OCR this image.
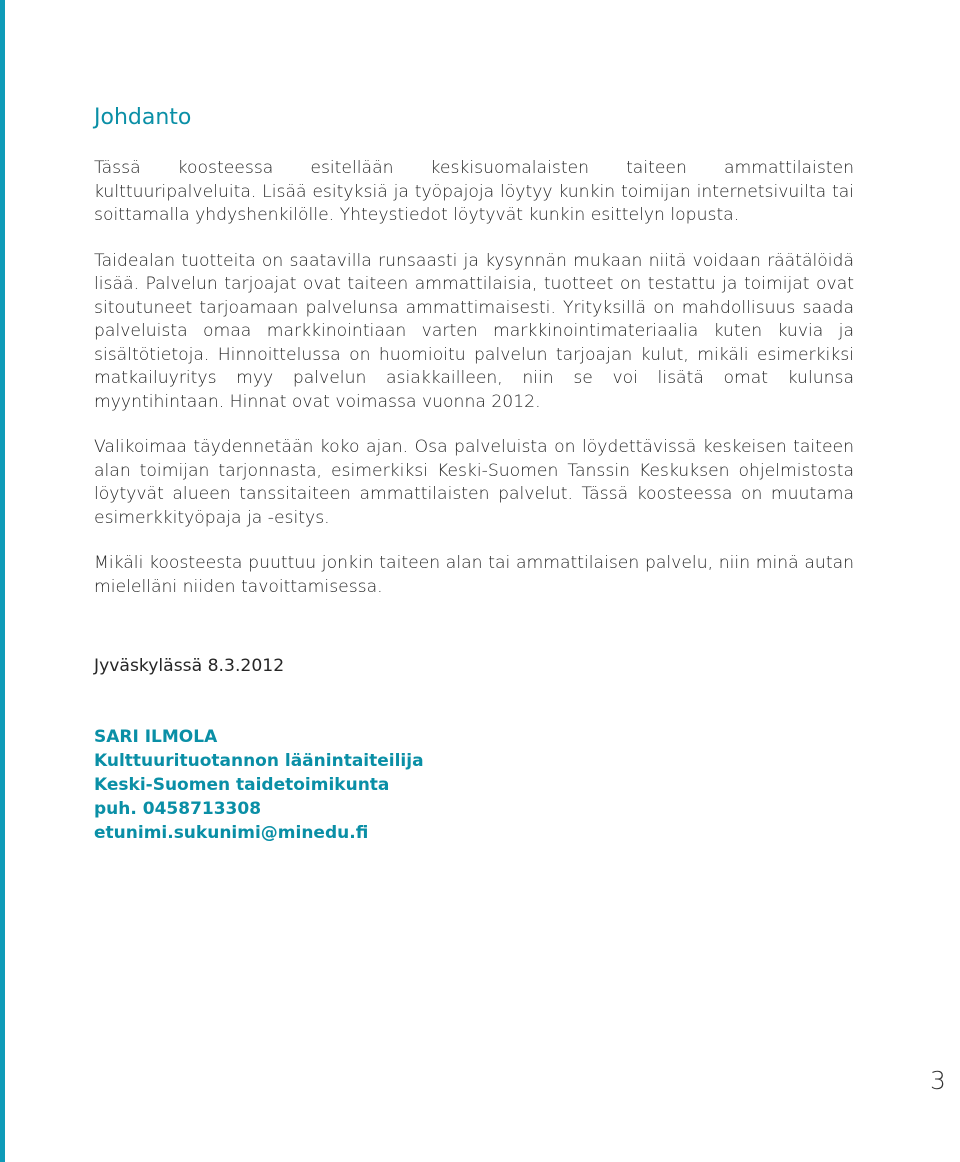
Johdanto

Tässä koosteessa esitellään keskisuomalaisten taiteen ammattilaisten kulttuuripalveluita. Lisää esityksiä ja työpajoja löytyy kunkin toimijan internetsivuilta tai soittamalla yhdyshenkilölle. Yhteystiedot löytyvät kunkin esittelyn lopusta.

Taidealan tuotteita on saatavilla runsaasti ja kysynnän mukaan niitä voidaan räätälöidä lisää. Palvelun tarjoajat ovat taiteen ammattilaisia, tuotteet on testattu ja toimijat ovat sitoutuneet tarjoamaan palvelunsa ammattimaisesti. Yrityksillä on mahdollisuus saada palveluista omaa markkinointiaan varten markkinointimateriaalia kuten kuvia ja sisältötietoja. Hinnoittelussa on huomioitu palvelun tarjoajan kulut, mikäli esimerkiksi matkailuyritys myy palvelun asiakkailleen, niin se voi lisätä omat kulunsa myyntihintaan. Hinnat ovat voimassa vuonna 2012.

Valikoimaa täydennetään koko ajan. Osa palveluista on löydettävissä keskeisen taiteen alan toimijan tarjonnasta, esimerkiksi Keski-Suomen Tanssin Keskuksen ohjelmistosta löytyvät alueen tanssitaiteen ammattilaisten palvelut. Tässä koosteessa on muutama esimerkkityöpaja ja -esitys.

Mikäli koosteesta puuttuu jonkin taiteen alan tai ammattilaisen palvelu, niin minä autan mielelläni niiden tavoittamisessa.

Jyväskylässä 8.3.2012
SARI ILMOLA
Kulttuurituotannon läänintaiteilija
Keski-Suomen taidetoimikunta
puh. 0458713308
etunimi.sukunimi@minedu.fi
3
